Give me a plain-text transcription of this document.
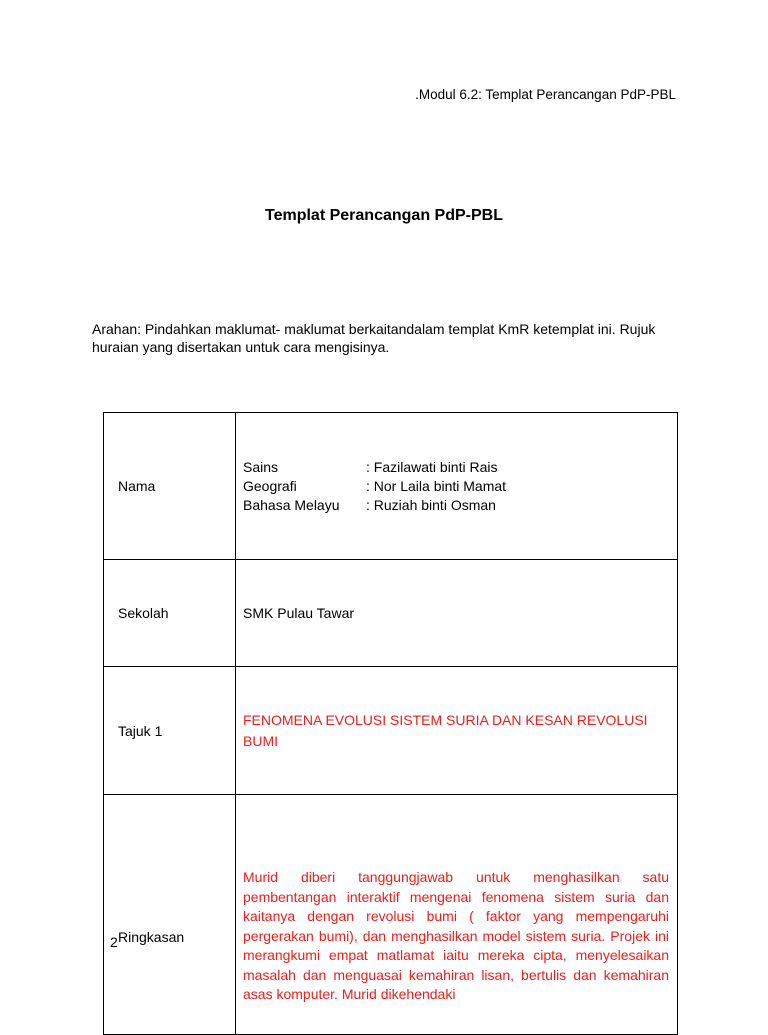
.Modul 6.2: Templat Perancangan PdP-PBL
Templat Perancangan PdP-PBL
Arahan: Pindahkan maklumat- maklumat berkaitandalam templat KmR ketemplat ini. Rujuk huraian yang disertakan untuk cara mengisinya.
Nama	Sains : Fazilawati binti Rais
Geografi : Nor Laila binti Mamat
Bahasa Melayu : Ruziah binti Osman

Sekolah	SMK Pulau Tawar
Tajuk 1	FENOMENA EVOLUSI SISTEM SURIA DAN KESAN REVOLUSI BUMI

Ringkasan	Murid diberi tanggungjawab untuk menghasilkan satu pembentangan interaktif mengenai fenomena sistem suria dan kaitanya dengan revolusi bumi ( faktor yang mempengaruhi pergerakan bumi), dan menghasilkan model sistem suria. Projek ini merangkumi empat matlamat iaitu mereka cipta, menyelesaikan masalah dan menguasai kemahiran lisan, bertulis dan kemahiran asas komputer. Murid dikehendaki
2
